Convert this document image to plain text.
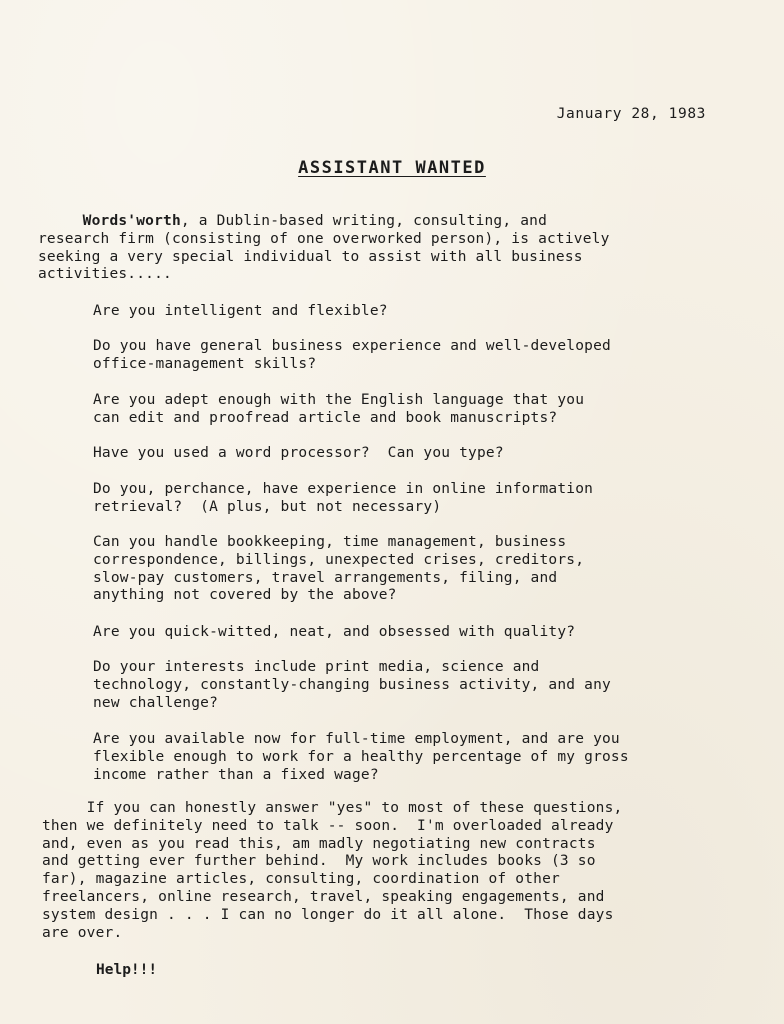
January 28, 1983
ASSISTANT WANTED
Words'worth, a Dublin-based writing, consulting, and
research firm (consisting of one overworked person), is actively
seeking a very special individual to assist with all business
activities.....
Are you intelligent and flexible?
Do you have general business experience and well-developed
office-management skills?
Are you adept enough with the English language that you
can edit and proofread article and book manuscripts?
Have you used a word processor?  Can you type?
Do you, perchance, have experience in online information
retrieval?  (A plus, but not necessary)
Can you handle bookkeeping, time management, business
correspondence, billings, unexpected crises, creditors,
slow-pay customers, travel arrangements, filing, and
anything not covered by the above?
Are you quick-witted, neat, and obsessed with quality?
Do your interests include print media, science and
technology, constantly-changing business activity, and any
new challenge?
Are you available now for full-time employment, and are you
flexible enough to work for a healthy percentage of my gross
income rather than a fixed wage?
If you can honestly answer "yes" to most of these questions,
then we definitely need to talk -- soon.  I'm overloaded already
and, even as you read this, am madly negotiating new contracts
and getting ever further behind.  My work includes books (3 so
far), magazine articles, consulting, coordination of other
freelancers, online research, travel, speaking engagements, and
system design . . . I can no longer do it all alone.  Those days
are over.
Help!!!
